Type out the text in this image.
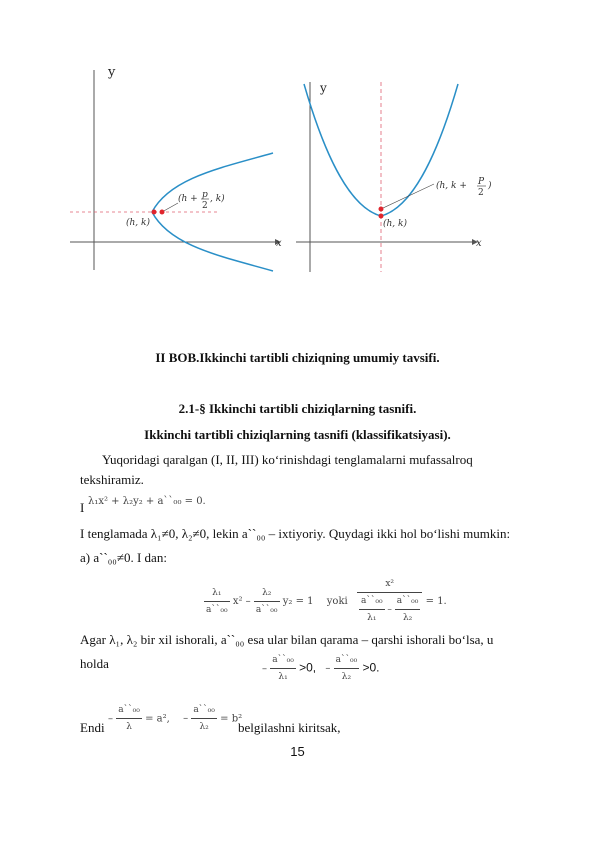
y
x
(h, k)
(h + p
2
, k)
y
x
(h, k)
(h, k + P
2
)
II BOB.Ikkinchi tartibli chiziqning umumiy tavsifi.
2.1-§ Ikkinchi tartibli chiziqlarning tasnifi.
Ikkinchi tartibli chiziqlarning tasnifi (klassifikatsiyasi).
Yuqoridagi qaralgan (I, II, III) ko‘rinishdagi tenglamalarni mufassalroq
tekshiramiz.
I λ₁x² + λ₂y₂ + a``₀₀ = 0.
I tenglamada λ₁≠0, λ₂≠0, lekin a``₀₀ – ixtiyoriy. Quydagi ikki hol bo‘lishi mumkin:
a) a``₀₀≠0. I dan:
$\frac{\text{λ₁}}{\text{a``₀₀}} x^2 - \frac{\text{λ₂}}{\text{a``₀₀}} y_2 = 1$ yoki $\frac{\text{x²}}{\frac{\text{a``₀₀}}{\text{λ₁}} - \frac{\text{a``₀₀}}{\text{λ₂}}} = 1$.
Agar λ₁, λ₂ bir xil ishorali, a``₀₀ esa ular bilan qarama – qarshi ishorali bo‘lsa, u
holda	– $\frac{\text{a``₀₀}}{\text{λ₁}} >0$, – $\frac{\text{a``₀₀}}{\text{λ₂}} >0$.
Endi
– $\frac{\text{a``₀₀}}{\lambda} = a^2$, – $\frac{\text{a``₀₀}}{\text{λ₂}} = b^2$
belgilashni kiritsak,
15
